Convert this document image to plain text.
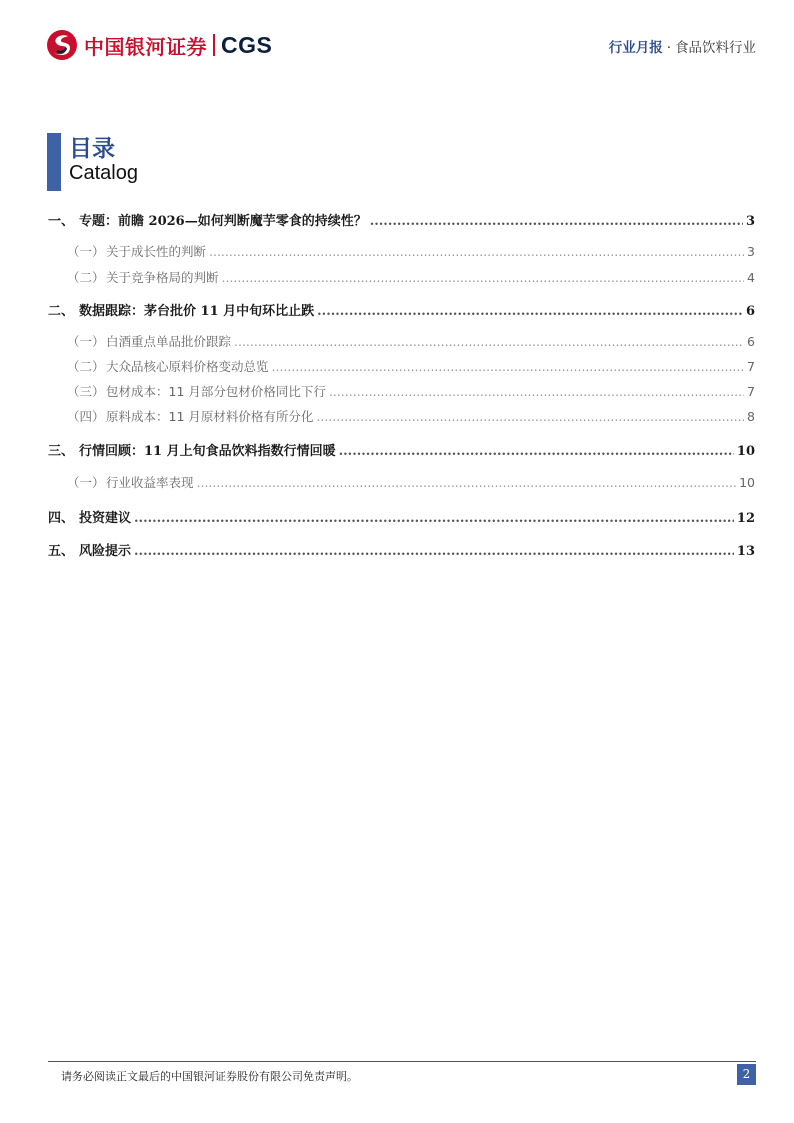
中国银河证券 CGS	行业月报 · 食品饮料行业
目录
Catalog
一、 专题：前瞻 2026—如何判断魔芋零食的持续性？ .....	3
（一） 关于成长性的判断 .....	3
（二） 关于竞争格局的判断 .....	4
二、 数据跟踪：茅台批价 11 月中旬环比止跌 .....	6
（一） 白酒重点单品批价跟踪 .....	6
（二） 大众品核心原料价格变动总览 .....	7
（三） 包材成本：11 月部分包材价格同比下行 .....	7
（四） 原料成本：11 月原材料价格有所分化 .....	8
三、 行情回顾：11 月上旬食品饮料指数行情回暖 .....	10
（一） 行业收益率表现 .....	10
四、 投资建议 .....	12
五、 风险提示 .....	13
请务必阅读正文最后的中国银河证券股份有限公司免责声明。	2
